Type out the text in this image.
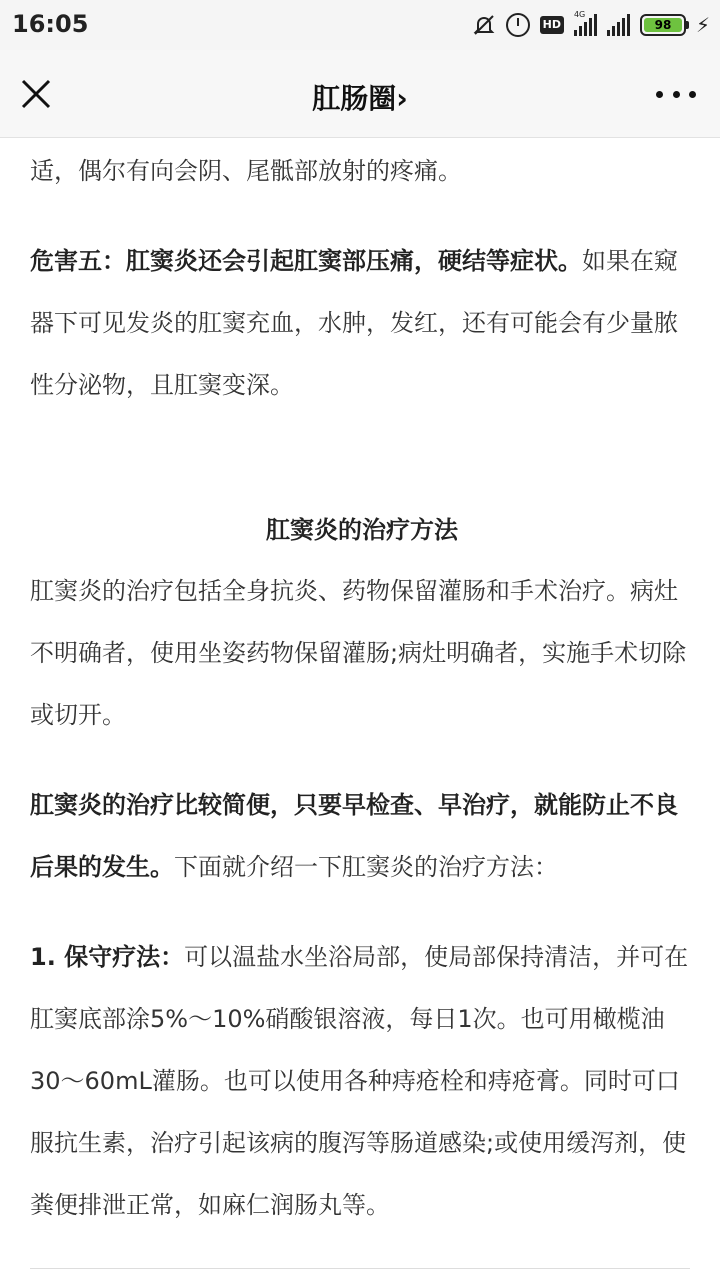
16:05	HD
4G
98	⚡
肛肠圈›

适，偶尔有向会阴、尾骶部放射的疼痛。

危害五：肛窦炎还会引起肛窦部压痛，硬结等症状。如果在窥器下可见发炎的肛窦充血，水肿，发红，还有可能会有少量脓性分泌物，且肛窦变深。

肛窦炎的治疗方法

肛窦炎的治疗包括全身抗炎、药物保留灌肠和手术治疗。病灶不明确者，使用坐姿药物保留灌肠;病灶明确者，实施手术切除或切开。

肛窦炎的治疗比较简便，只要早检查、早治疗，就能防止不良后果的发生。下面就介绍一下肛窦炎的治疗方法：

1. 保守疗法：可以温盐水坐浴局部，使局部保持清洁，并可在肛窦底部涂5%～10%硝酸银溶液，每日1次。也可用橄榄油30～60mL灌肠。也可以使用各种痔疮栓和痔疮膏。同时可口服抗生素，治疗引起该病的腹泻等肠道感染;或使用缓泻剂，使粪便排泄正常，如麻仁润肠丸等。
